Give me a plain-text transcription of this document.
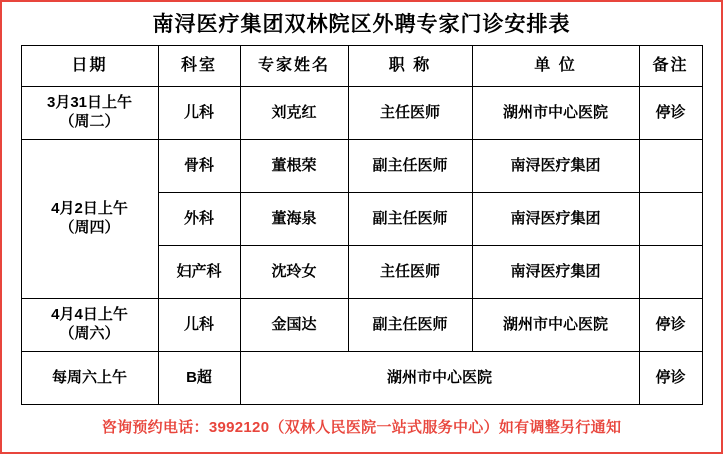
南浔医疗集团双林院区外聘专家门诊安排表
日期	科室	专家姓名	职 称	单 位	备注

3月31日上午
（周二）	儿科	刘克红	主任医师	湖州市中心医院	停诊

4月2日上午
（周四）	骨科	董根荣	副主任医师	南浔医疗集团	
	外科	董海泉	副主任医师	南浔医疗集团	
	妇产科	沈玲女	主任医师	南浔医疗集团	

4月4日上午
（周六）	儿科	金国达	副主任医师	湖州市中心医院	停诊

每周六上午	B超	湖州市中心医院			停诊
咨询预约电话：3992120（双林人民医院一站式服务中心）如有调整另行通知
